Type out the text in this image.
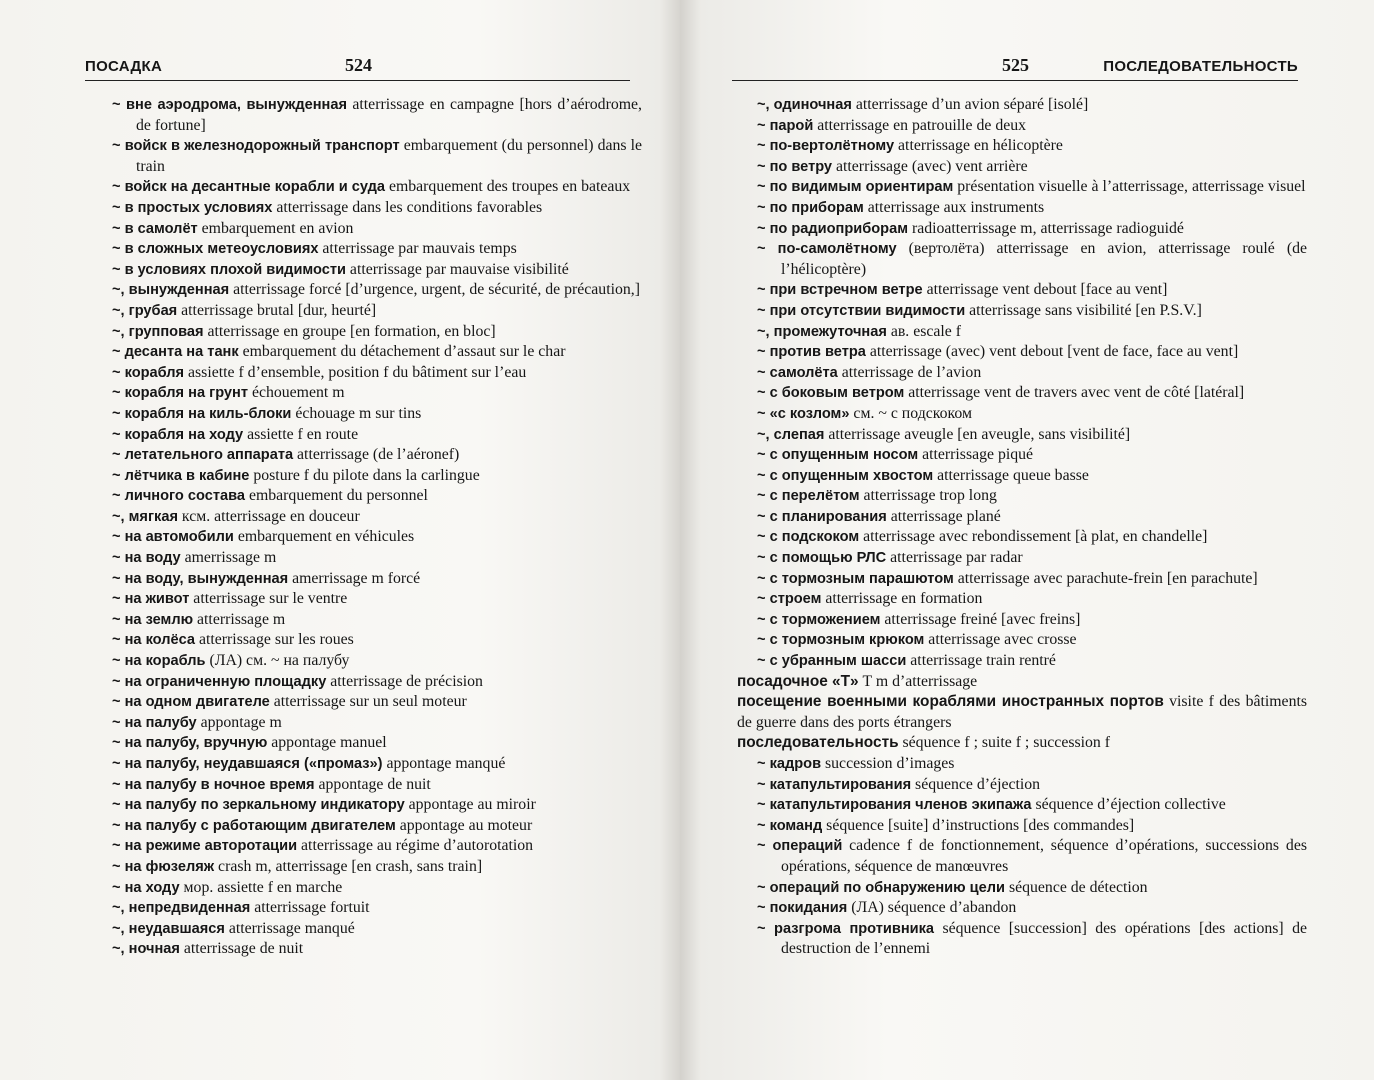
ПОСАДКА	524
~ вне аэродрома, вынужденная atterrissage en campagne [hors d’aérodrome, de fortune]
~ войск в железнодорожный транспорт embarquement (du personnel) dans le train
~ войск на десантные корабли и суда embarquement des troupes en bateaux
~ в простых условиях atterrissage dans les conditions favorables
~ в самолёт embarquement en avion
~ в сложных метеоусловиях atterrissage par mauvais temps
~ в условиях плохой видимости atterrissage par mauvaise visibilité
~, вынужденная atterrissage forcé [d’urgence, urgent, de sécurité, de précaution,]
~, грубая atterrissage brutal [dur, heurté]
~, групповая atterrissage en groupe [en formation, en bloc]
~ десанта на танк embarquement du détachement d’assaut sur le char
~ корабля assiette f d’ensemble, position f du bâtiment sur l’eau
~ корабля на грунт échouement m
~ корабля на киль-блоки échouage m sur tins
~ корабля на ходу assiette f en route
~ летательного аппарата atterrissage (de l’aéronef)
~ лётчика в кабине posture f du pilote dans la carlingue
~ личного состава embarquement du personnel
~, мягкая ксм. atterrissage en douceur
~ на автомобили embarquement en véhicules
~ на воду amerrissage m
~ на воду, вынужденная amerrissage m forcé
~ на живот atterrissage sur le ventre
~ на землю atterrissage m
~ на колёса atterrissage sur les roues
~ на корабль (ЛА) см. ~ на палубу
~ на ограниченную площадку atterrissage de précision
~ на одном двигателе atterrissage sur un seul moteur
~ на палубу appontage m
~ на палубу, вручную appontage manuel
~ на палубу, неудавшаяся («промаз») appontage manqué
~ на палубу в ночное время appontage de nuit
~ на палубу по зеркальному индикатору appontage au miroir
~ на палубу с работающим двигателем appontage au moteur
~ на режиме авторотации atterrissage au régime d’autorotation
~ на фюзеляж crash m, atterrissage [en crash, sans train]
~ на ходу мор. assiette f en marche
~, непредвиденная atterrissage fortuit
~, неудавшаяся atterrissage manqué
~, ночная atterrissage de nuit
525	ПОСЛЕДОВАТЕЛЬНОСТЬ
~, одиночная atterrissage d’un avion séparé [isolé]
~ парой atterrissage en patrouille de deux
~ по-вертолётному atterrissage en hélicoptère
~ по ветру atterrissage (avec) vent arrière
~ по видимым ориентирам présentation visuelle à l’atterrissage, atterrissage visuel
~ по приборам atterrissage aux instruments
~ по радиоприборам radioatterrissage m, atterrissage radioguidé
~ по-самолётному (вертолёта) atterrissage en avion, atterrissage roulé (de l’hélicoptère)
~ при встречном ветре atterrissage vent debout [face au vent]
~ при отсутствии видимости atterrissage sans visibilité [en P.S.V.]
~, промежуточная ав. escale f
~ против ветра atterrissage (avec) vent debout [vent de face, face au vent]
~ самолёта atterrissage de l’avion
~ с боковым ветром atterrissage vent de travers avec vent de côté [latéral]
~ «с козлом» см. ~ с подскоком
~, слепая atterrissage aveugle [en aveugle, sans visibilité]
~ с опущенным носом atterrissage piqué
~ с опущенным хвостом atterrissage queue basse
~ с перелётом atterrissage trop long
~ с планирования atterrissage plané
~ с подскоком atterrissage avec rebondissement [à plat, en chandelle]
~ с помощью РЛС atterrissage par radar
~ с тормозным парашютом atterrissage avec parachute-frein [en parachute]
~ строем atterrissage en formation
~ с торможением atterrissage freiné [avec freins]
~ с тормозным крюком atterrissage avec crosse
~ с убранным шасси atterrissage train rentré
посадочное «Т» T m d’atterrissage
посещение военными кораблями иностранных портов visite f des bâtiments de guerre dans des ports étrangers
последовательность séquence f ; suite f ; succession f
~ кадров succession d’images
~ катапультирования séquence d’éjection
~ катапультирования членов экипажа séquence d’éjection collective
~ команд séquence [suite] d’instructions [des commandes]
~ операций cadence f de fonctionnement, séquence d’opérations, successions des opérations, séquence de manœuvres
~ операций по обнаружению цели séquence de détection
~ покидания (ЛА) séquence d’abandon
~ разгрома противника séquence [succession] des opérations [des actions] de destruction de l’ennemi
